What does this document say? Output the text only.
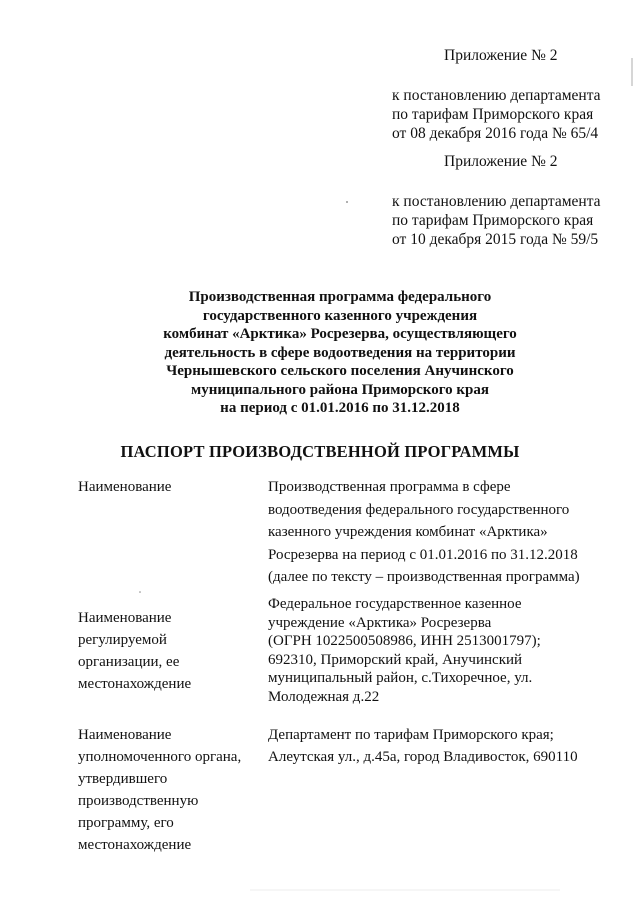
Приложение № 2
к постановлению департамента
по тарифам Приморского края
от 08 декабря 2016 года № 65/4
Приложение № 2
к постановлению департамента
по тарифам Приморского края
от 10 декабря 2015 года № 59/5
Производственная программа федерального
государственного казенного учреждения
комбинат «Арктика» Росрезерва, осуществляющего
деятельность в сфере водоотведения на территории
Чернышевского сельского поселения Анучинского
муниципального района Приморского края
на период с 01.01.2016 по 31.12.2018
ПАСПОРТ ПРОИЗВОДСТВЕННОЙ ПРОГРАММЫ
Наименование	Производственная программа в сфере
водоотведения федерального государственного
казенного учреждения комбинат «Арктика»
Росрезерва на период с 01.01.2016 по 31.12.2018
(далее по тексту – производственная программа)
Наименование
регулируемой
организации, ее
местонахождение
Федеральное государственное казенное
учреждение «Арктика» Росрезерва
(ОГРН 1022500508986, ИНН 2513001797);
692310, Приморский край, Анучинский
муниципальный район, с.Тихоречное, ул.
Молодежная д.22
Наименование
уполномоченного органа,
утвердившего
производственную
программу, его
местонахождение
Департамент по тарифам Приморского края;
Алеутская ул., д.45а, город Владивосток, 690110
